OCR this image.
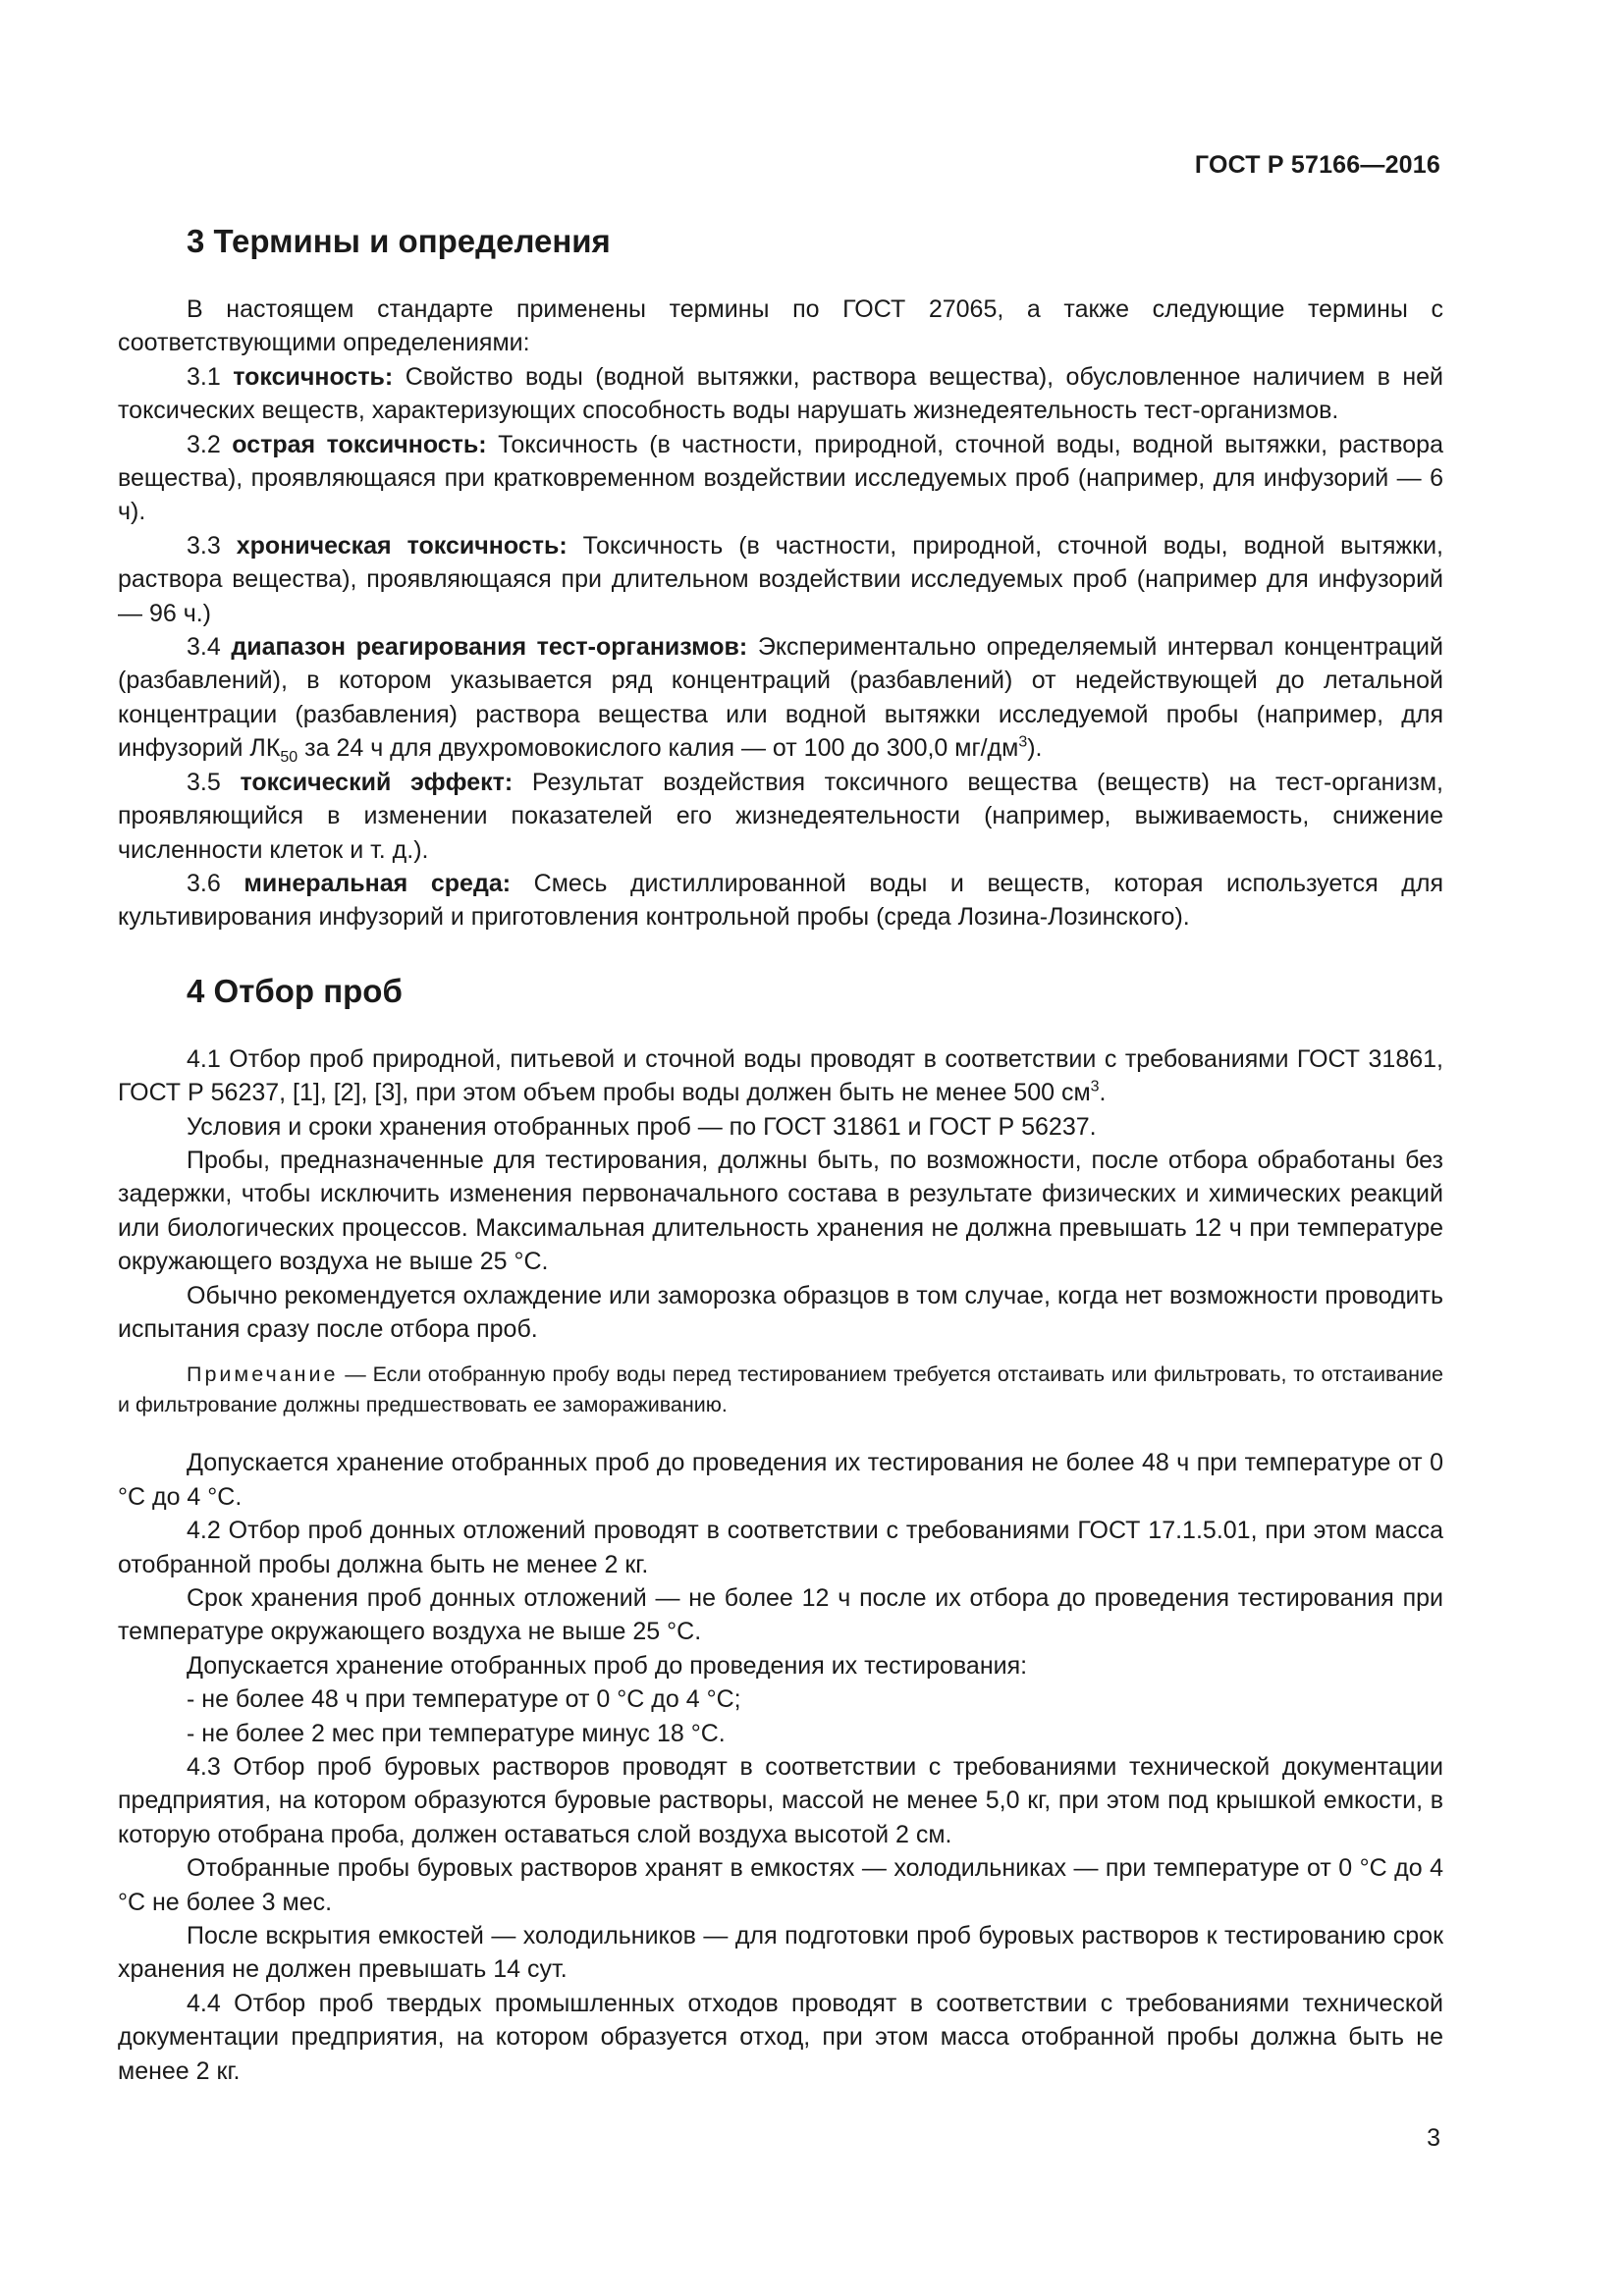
ГОСТ Р 57166—2016
3 Термины и определения

В настоящем стандарте применены термины по ГОСТ 27065, а также следующие термины с соответствующими определениями:

3.1 токсичность: Свойство воды (водной вытяжки, раствора вещества), обусловленное наличием в ней токсических веществ, характеризующих способность воды нарушать жизнедеятельность тест-организмов.

3.2 острая токсичность: Токсичность (в частности, природной, сточной воды, водной вытяжки, раствора вещества), проявляющаяся при кратковременном воздействии исследуемых проб (например, для инфузорий — 6 ч).

3.3 хроническая токсичность: Токсичность (в частности, природной, сточной воды, водной вытяжки, раствора вещества), проявляющаяся при длительном воздействии исследуемых проб (например для инфузорий — 96 ч.)

3.4 диапазон реагирования тест-организмов: Экспериментально определяемый интервал концентраций (разбавлений), в котором указывается ряд концентраций (разбавлений) от недействующей до летальной концентрации (разбавления) раствора вещества или водной вытяжки исследуемой пробы (например, для инфузорий $ЛК_{50}$ за 24 ч для двухромовокислого калия — от 100 до 300,0 $мг/дм^3$).

3.5 токсический эффект: Результат воздействия токсичного вещества (веществ) на тест-организм, проявляющийся в изменении показателей его жизнедеятельности (например, выживаемость, снижение численности клеток и т. д.).

3.6 минеральная среда: Смесь дистиллированной воды и веществ, которая используется для культивирования инфузорий и приготовления контрольной пробы (среда Лозина-Лозинского).

4 Отбор проб

4.1 Отбор проб природной, питьевой и сточной воды проводят в соответствии с требованиями ГОСТ 31861, ГОСТ Р 56237, [1], [2], [3], при этом объем пробы воды должен быть не менее 500 $см^3$.

Условия и сроки хранения отобранных проб — по ГОСТ 31861 и ГОСТ Р 56237.

Пробы, предназначенные для тестирования, должны быть, по возможности, после отбора обработаны без задержки, чтобы исключить изменения первоначального состава в результате физических и химических реакций или биологических процессов. Максимальная длительность хранения не должна превышать 12 ч при температуре окружающего воздуха не выше 25 °С.

Обычно рекомендуется охлаждение или заморозка образцов в том случае, когда нет возможности проводить испытания сразу после отбора проб.

Примечание — Если отобранную пробу воды перед тестированием требуется отстаивать или фильтровать, то отстаивание и фильтрование должны предшествовать ее замораживанию.

Допускается хранение отобранных проб до проведения их тестирования не более 48 ч при температуре от 0 °С до 4 °С.

4.2 Отбор проб донных отложений проводят в соответствии с требованиями ГОСТ 17.1.5.01, при этом масса отобранной пробы должна быть не менее 2 кг.

Срок хранения проб донных отложений — не более 12 ч после их отбора до проведения тестирования при температуре окружающего воздуха не выше 25 °С.

Допускается хранение отобранных проб до проведения их тестирования:

- не более 48 ч при температуре от 0 °С до 4 °С;

- не более 2 мес при температуре минус 18 °С.

4.3 Отбор проб буровых растворов проводят в соответствии с требованиями технической документации предприятия, на котором образуются буровые растворы, массой не менее 5,0 кг, при этом под крышкой емкости, в которую отобрана проба, должен оставаться слой воздуха высотой 2 см.

Отобранные пробы буровых растворов хранят в емкостях — холодильниках — при температуре от 0 °С до 4 °С не более 3 мес.

После вскрытия емкостей — холодильников — для подготовки проб буровых растворов к тестированию срок хранения не должен превышать 14 сут.

4.4 Отбор проб твердых промышленных отходов проводят в соответствии с требованиями технической документации предприятия, на котором образуется отход, при этом масса отобранной пробы должна быть не менее 2 кг.

3
